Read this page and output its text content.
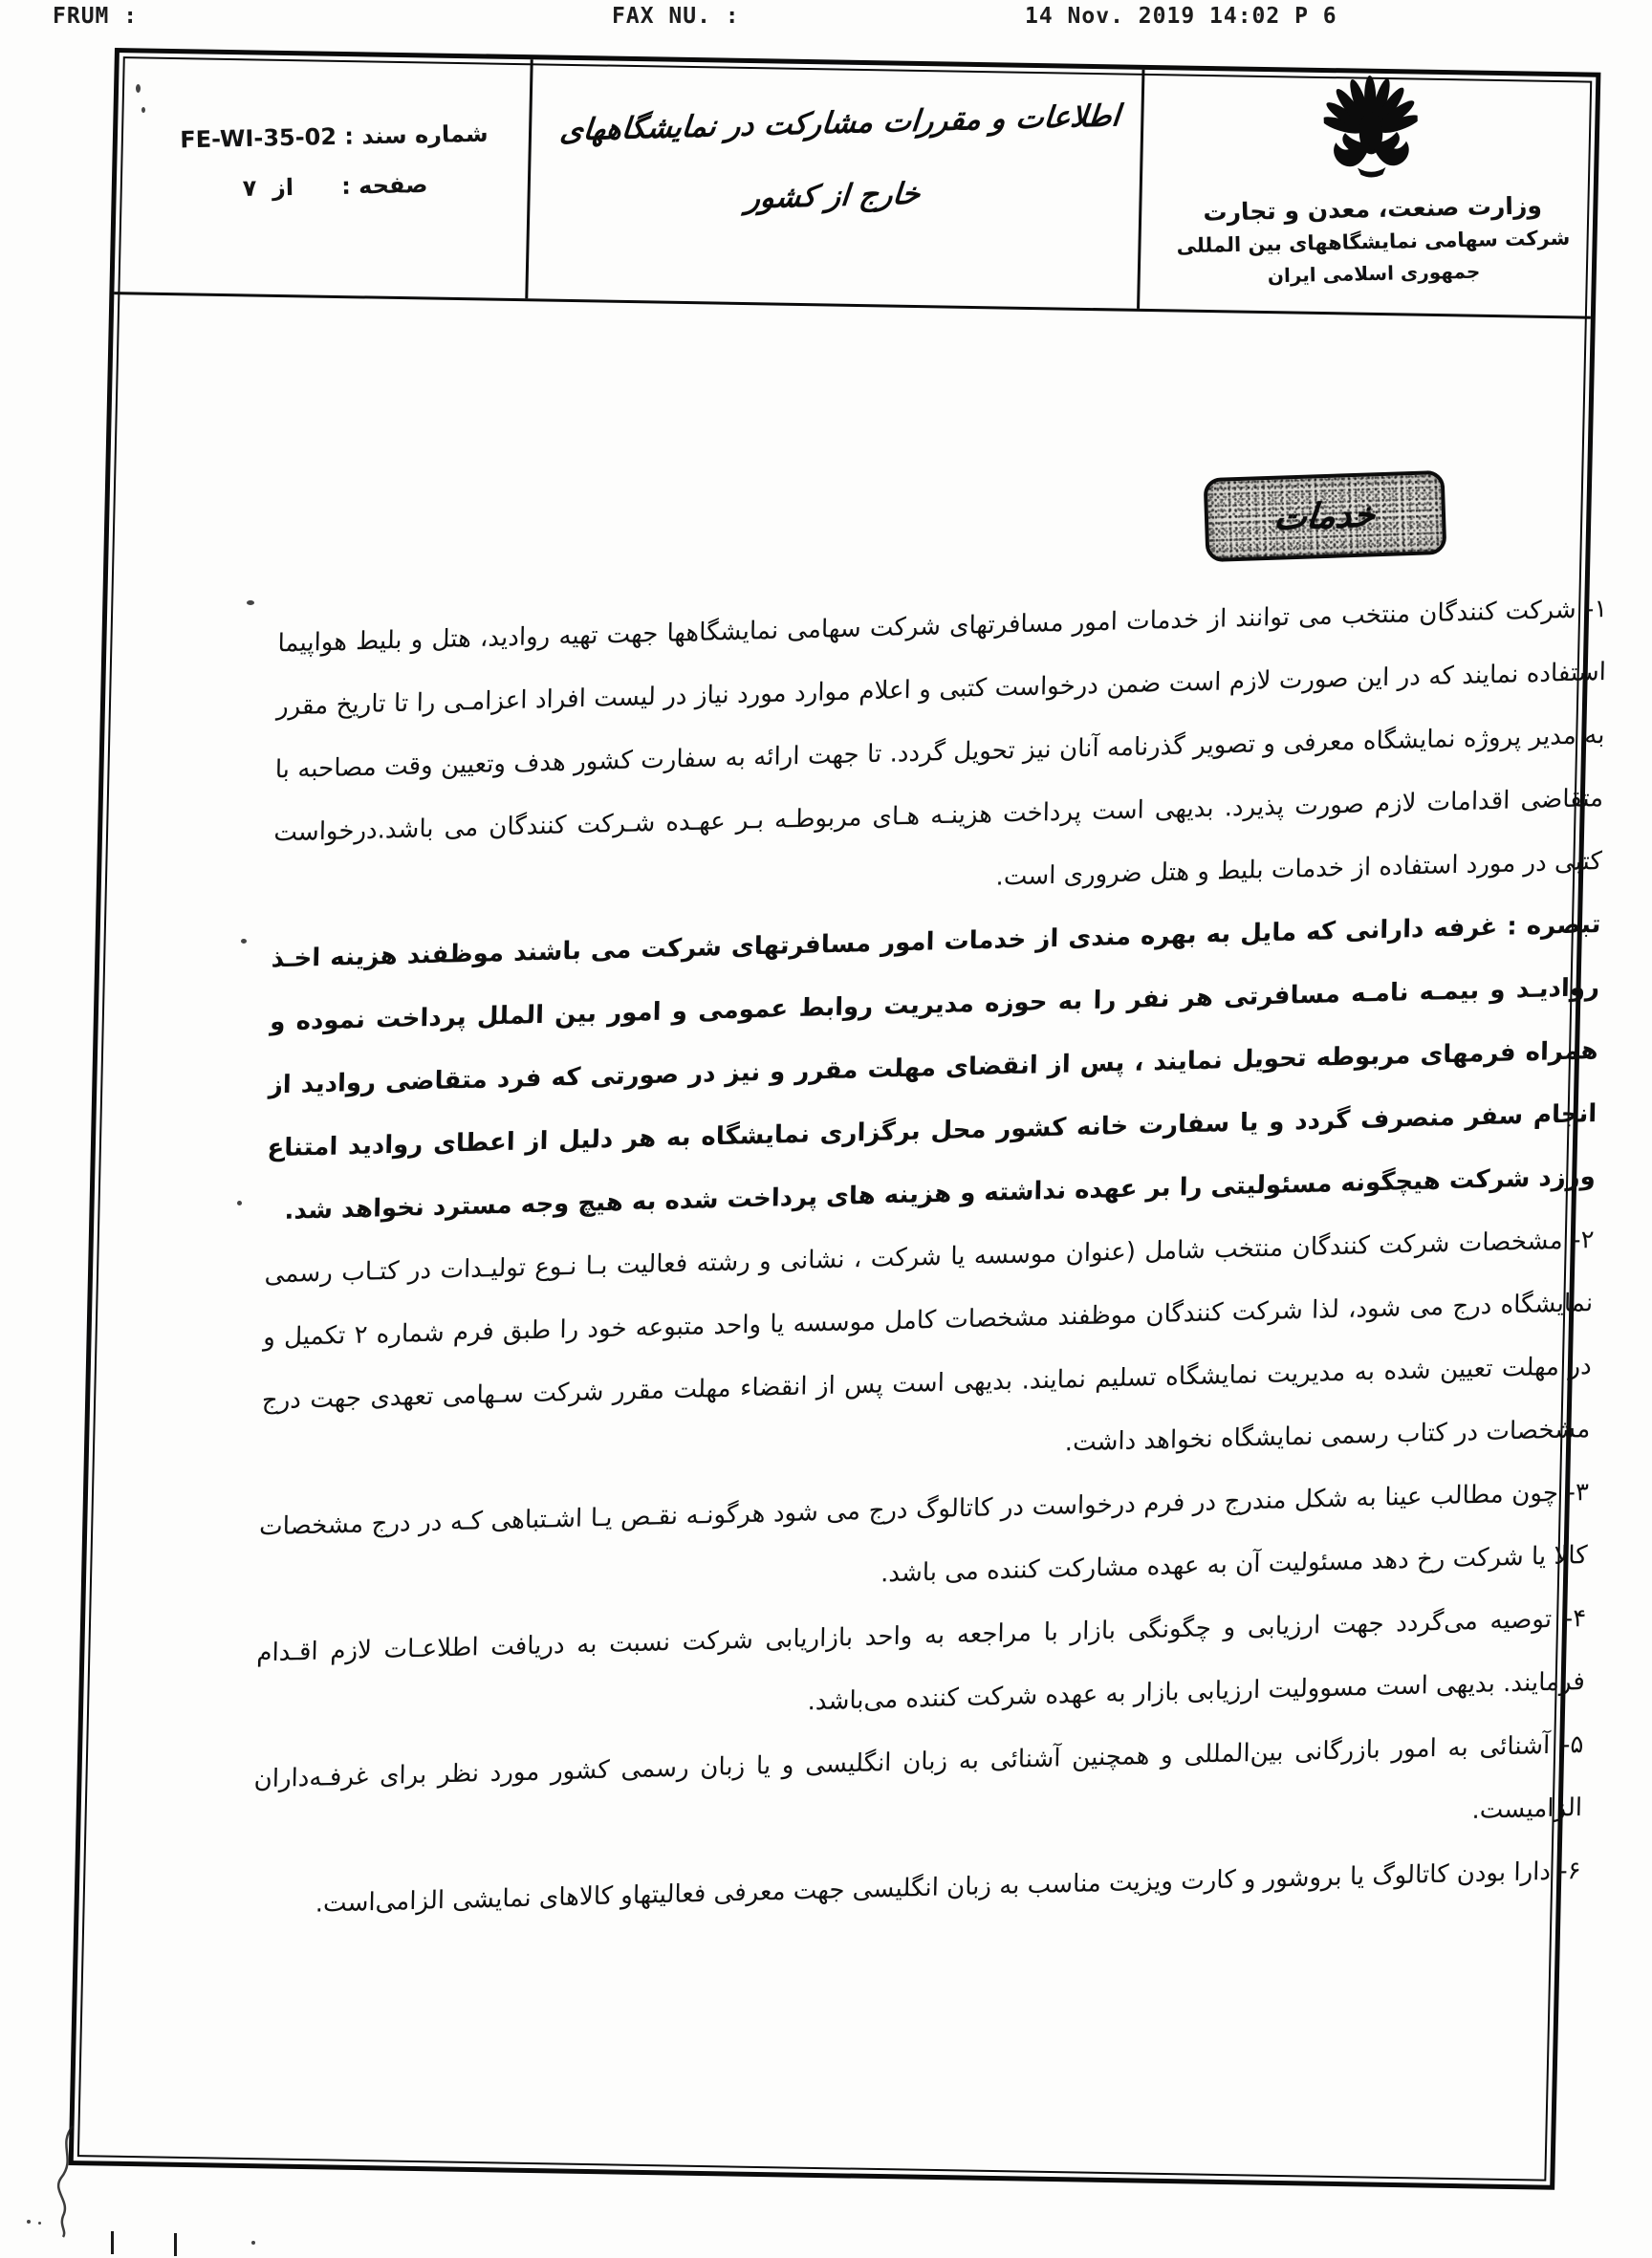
FRUM :	FAX NU. :	14 Nov. 2019 14:02 P 6
شماره سند : FE-WI-35-02
صفحه :      از  ۷
اطلاعات و مقررات مشارکت در نمایشگاههای
خارج از کشور	وزارت صنعت، معدن و تجارت
شرکت سهامی نمایشگاههای بین المللی
جمهوری اسلامی ایران
خدمات

۱- شرکت کنندگان منتخب می توانند از خدمات امور مسافرتهای شرکت سهامی نمایشگاهها جهت تهیه روادید، هتل و بلیط هواپیما استفاده نمایند که در این صورت لازم است ضمن درخواست کتبی و اعلام موارد مورد نیاز در لیست افراد اعزامـی را تا تاریخ مقرر به مدیر پروژه نمایشگاه معرفی و تصویر گذرنامه آنان نیز تحویل گردد. تا جهت ارائه به سفارت کشور هدف وتعیین وقت مصاحبه با متقاضی اقدامات لازم صورت پذیرد. بدیهی است پرداخت هزینـه هـای مربوطـه بـر عهـده شـرکت کنندگان می باشد.درخواست کتبی در مورد استفاده از خدمات بلیط و هتل ضروری است.

تبصره : غرفه دارانی که مایل به بهره مندی از خدمات امور مسافرتهای شرکت می باشند موظفند هزینه اخـذ روادیـد و بیمـه نامـه مسافرتی هر نفر را به حوزه مدیریت روابط عمومی و امور بین الملل پرداخت نموده و همراه فرمهای مربوطه تحویل نمایند ، پس از انقضای مهلت مقرر و نیز در صورتی که فرد متقاضی روادید از انجام سفر منصرف گردد و یا سفارت خانه کشور محل برگزاری نمایشگاه به هر دلیل از اعطای روادید امتناع ورزد شرکت هیچگونه مسئولیتی را بر عهده نداشته و هزینه های پرداخت شده به هیچ وجه مسترد نخواهد شد.

۲- مشخصات شرکت کنندگان منتخب شامل (عنوان موسسه یا شرکت ، نشانی و رشته فعالیت بـا نـوع تولیـدات در کتـاب رسمی نمایشگاه درج می شود، لذا شرکت کنندگان موظفند مشخصات کامل موسسه یا واحد متبوعه خود را طبق فرم شماره ۲ تکمیل و در مهلت تعیین شده به مدیریت نمایشگاه تسلیم نمایند. بدیهی است پس از انقضاء مهلت مقرر شرکت سـهامی تعهدی جهت درج مشخصات در کتاب رسمی نمایشگاه نخواهد داشت.

۳- چون مطالب عینا به شکل مندرج در فرم درخواست در کاتالوگ درج می شود هرگونـه نقـص یـا اشـتباهی کـه در درج مشخصات کالا یا شرکت رخ دهد مسئولیت آن به عهده مشارکت کننده می باشد.

۴- توصیه می‌گردد جهت ارزیابی و چگونگی بازار با مراجعه به واحد بازاریابی شرکت نسبت به دریافت اطلاعـات لازم اقـدام فرمایند. بدیهی است مسوولیت ارزیابی بازار به عهده شرکت کننده می‌باشد.

۵- آشنائی به امور بازرگانی بین‌المللی و همچنین آشنائی به زبان انگلیسی و یا زبان رسمی کشور مورد نظر برای غرفـه‌داران الزامیست.

۶- دارا بودن کاتالوگ یا بروشور و کارت ویزیت مناسب به زبان انگلیسی جهت معرفی فعالیتهاو کالاهای نمایشی الزامی‌است.
